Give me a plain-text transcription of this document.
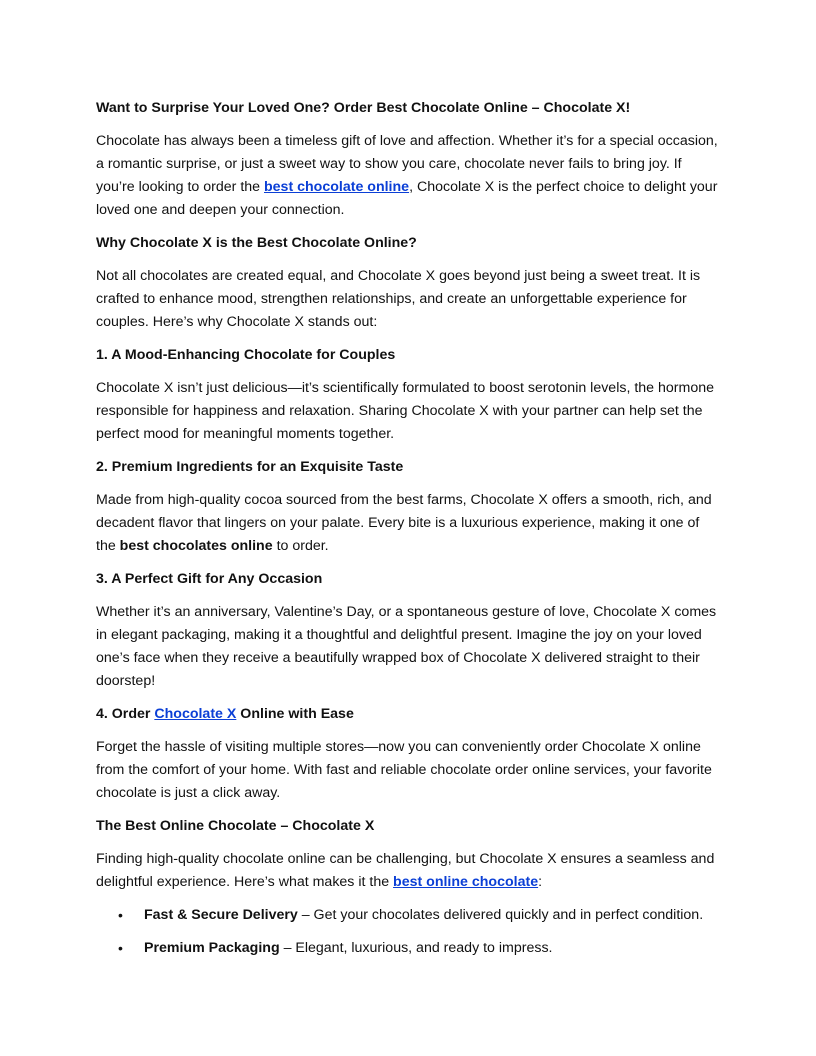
Want to Surprise Your Loved One? Order Best Chocolate Online – Chocolate X!

Chocolate has always been a timeless gift of love and affection. Whether it’s for a special occasion, a romantic surprise, or just a sweet way to show you care, chocolate never fails to bring joy. If you’re looking to order the best chocolate online, Chocolate X is the perfect choice to delight your loved one and deepen your connection.

Why Chocolate X is the Best Chocolate Online?

Not all chocolates are created equal, and Chocolate X goes beyond just being a sweet treat. It is crafted to enhance mood, strengthen relationships, and create an unforgettable experience for couples. Here’s why Chocolate X stands out:

1. A Mood-Enhancing Chocolate for Couples

Chocolate X isn’t just delicious—it’s scientifically formulated to boost serotonin levels, the hormone responsible for happiness and relaxation. Sharing Chocolate X with your partner can help set the perfect mood for meaningful moments together.

2. Premium Ingredients for an Exquisite Taste

Made from high-quality cocoa sourced from the best farms, Chocolate X offers a smooth, rich, and decadent flavor that lingers on your palate. Every bite is a luxurious experience, making it one of the best chocolates online to order.

3. A Perfect Gift for Any Occasion

Whether it’s an anniversary, Valentine’s Day, or a spontaneous gesture of love, Chocolate X comes in elegant packaging, making it a thoughtful and delightful present. Imagine the joy on your loved one’s face when they receive a beautifully wrapped box of Chocolate X delivered straight to their doorstep!

4. Order Chocolate X Online with Ease

Forget the hassle of visiting multiple stores—now you can conveniently order Chocolate X online from the comfort of your home. With fast and reliable chocolate order online services, your favorite chocolate is just a click away.

The Best Online Chocolate – Chocolate X

Finding high-quality chocolate online can be challenging, but Chocolate X ensures a seamless and delightful experience. Here’s what makes it the best online chocolate:

• Fast & Secure Delivery – Get your chocolates delivered quickly and in perfect condition.
• Premium Packaging – Elegant, luxurious, and ready to impress.
